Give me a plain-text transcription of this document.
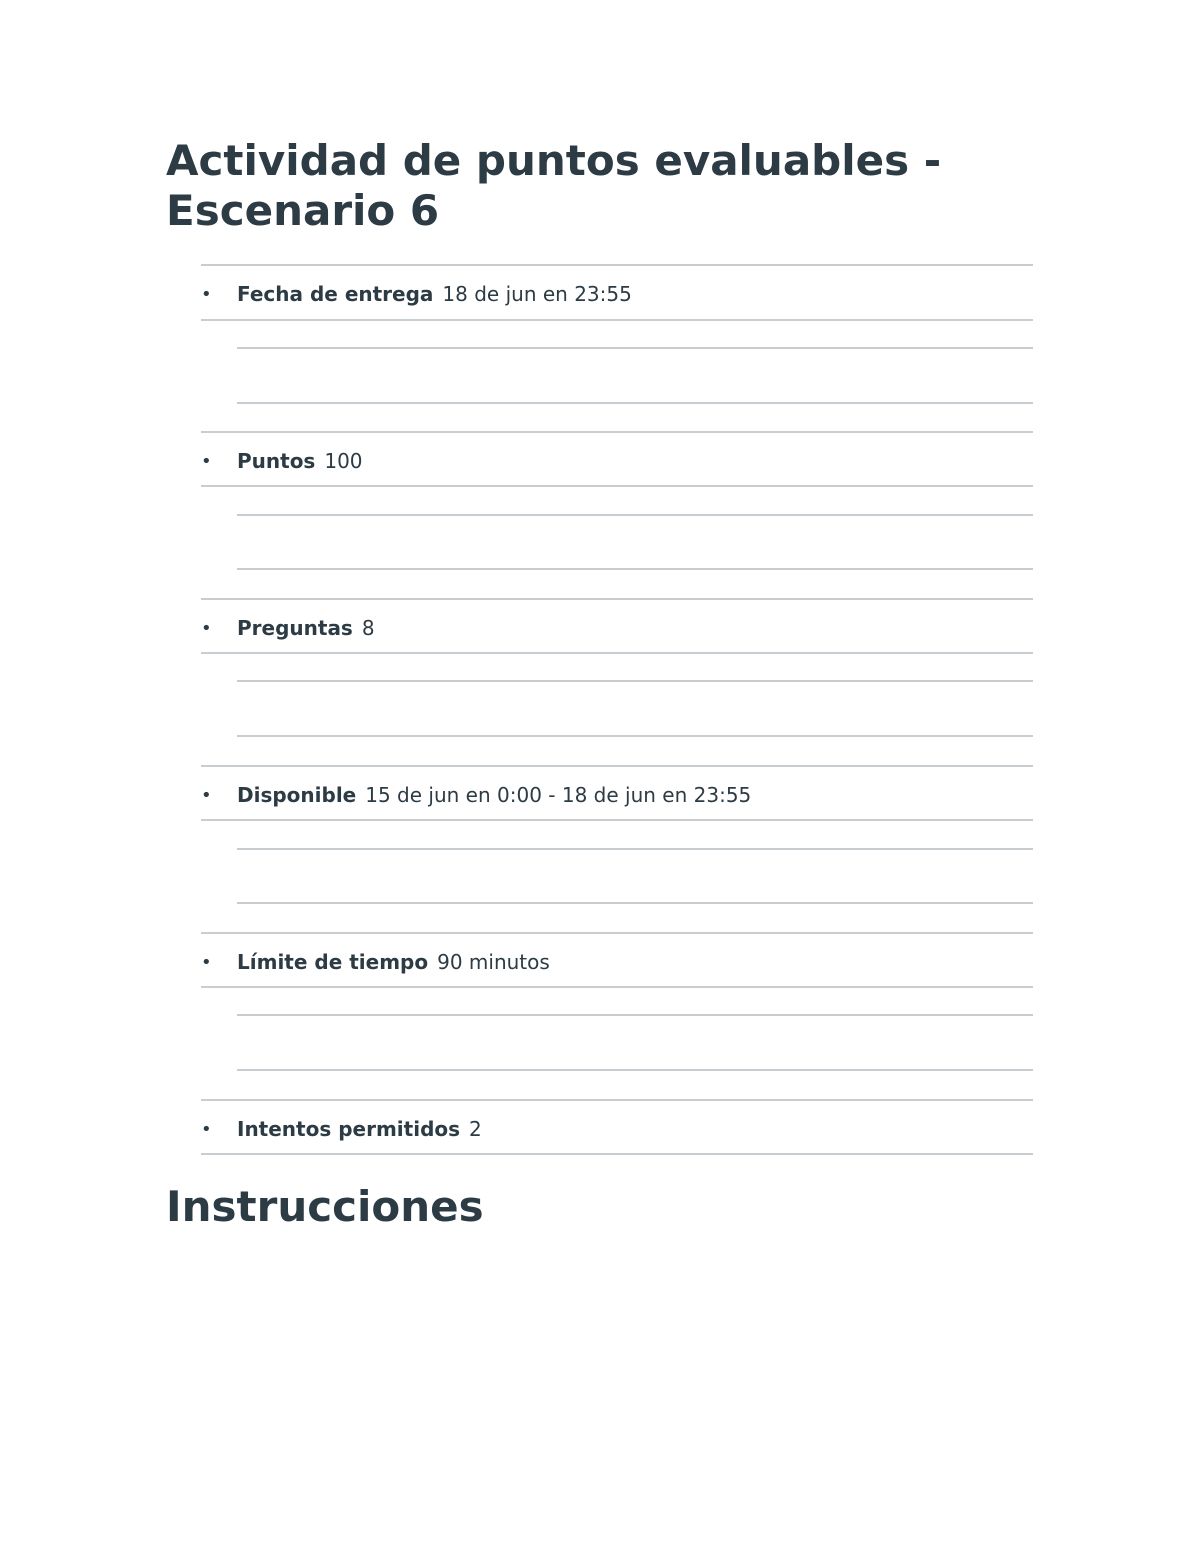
Actividad de puntos evaluables - Escenario 6
•	Fecha de entrega 18 de jun en 23:55
•	Puntos 100
•	Preguntas 8
•	Disponible 15 de jun en 0:00 - 18 de jun en 23:55
•	Límite de tiempo 90 minutos
•	Intentos permitidos 2
Instrucciones
